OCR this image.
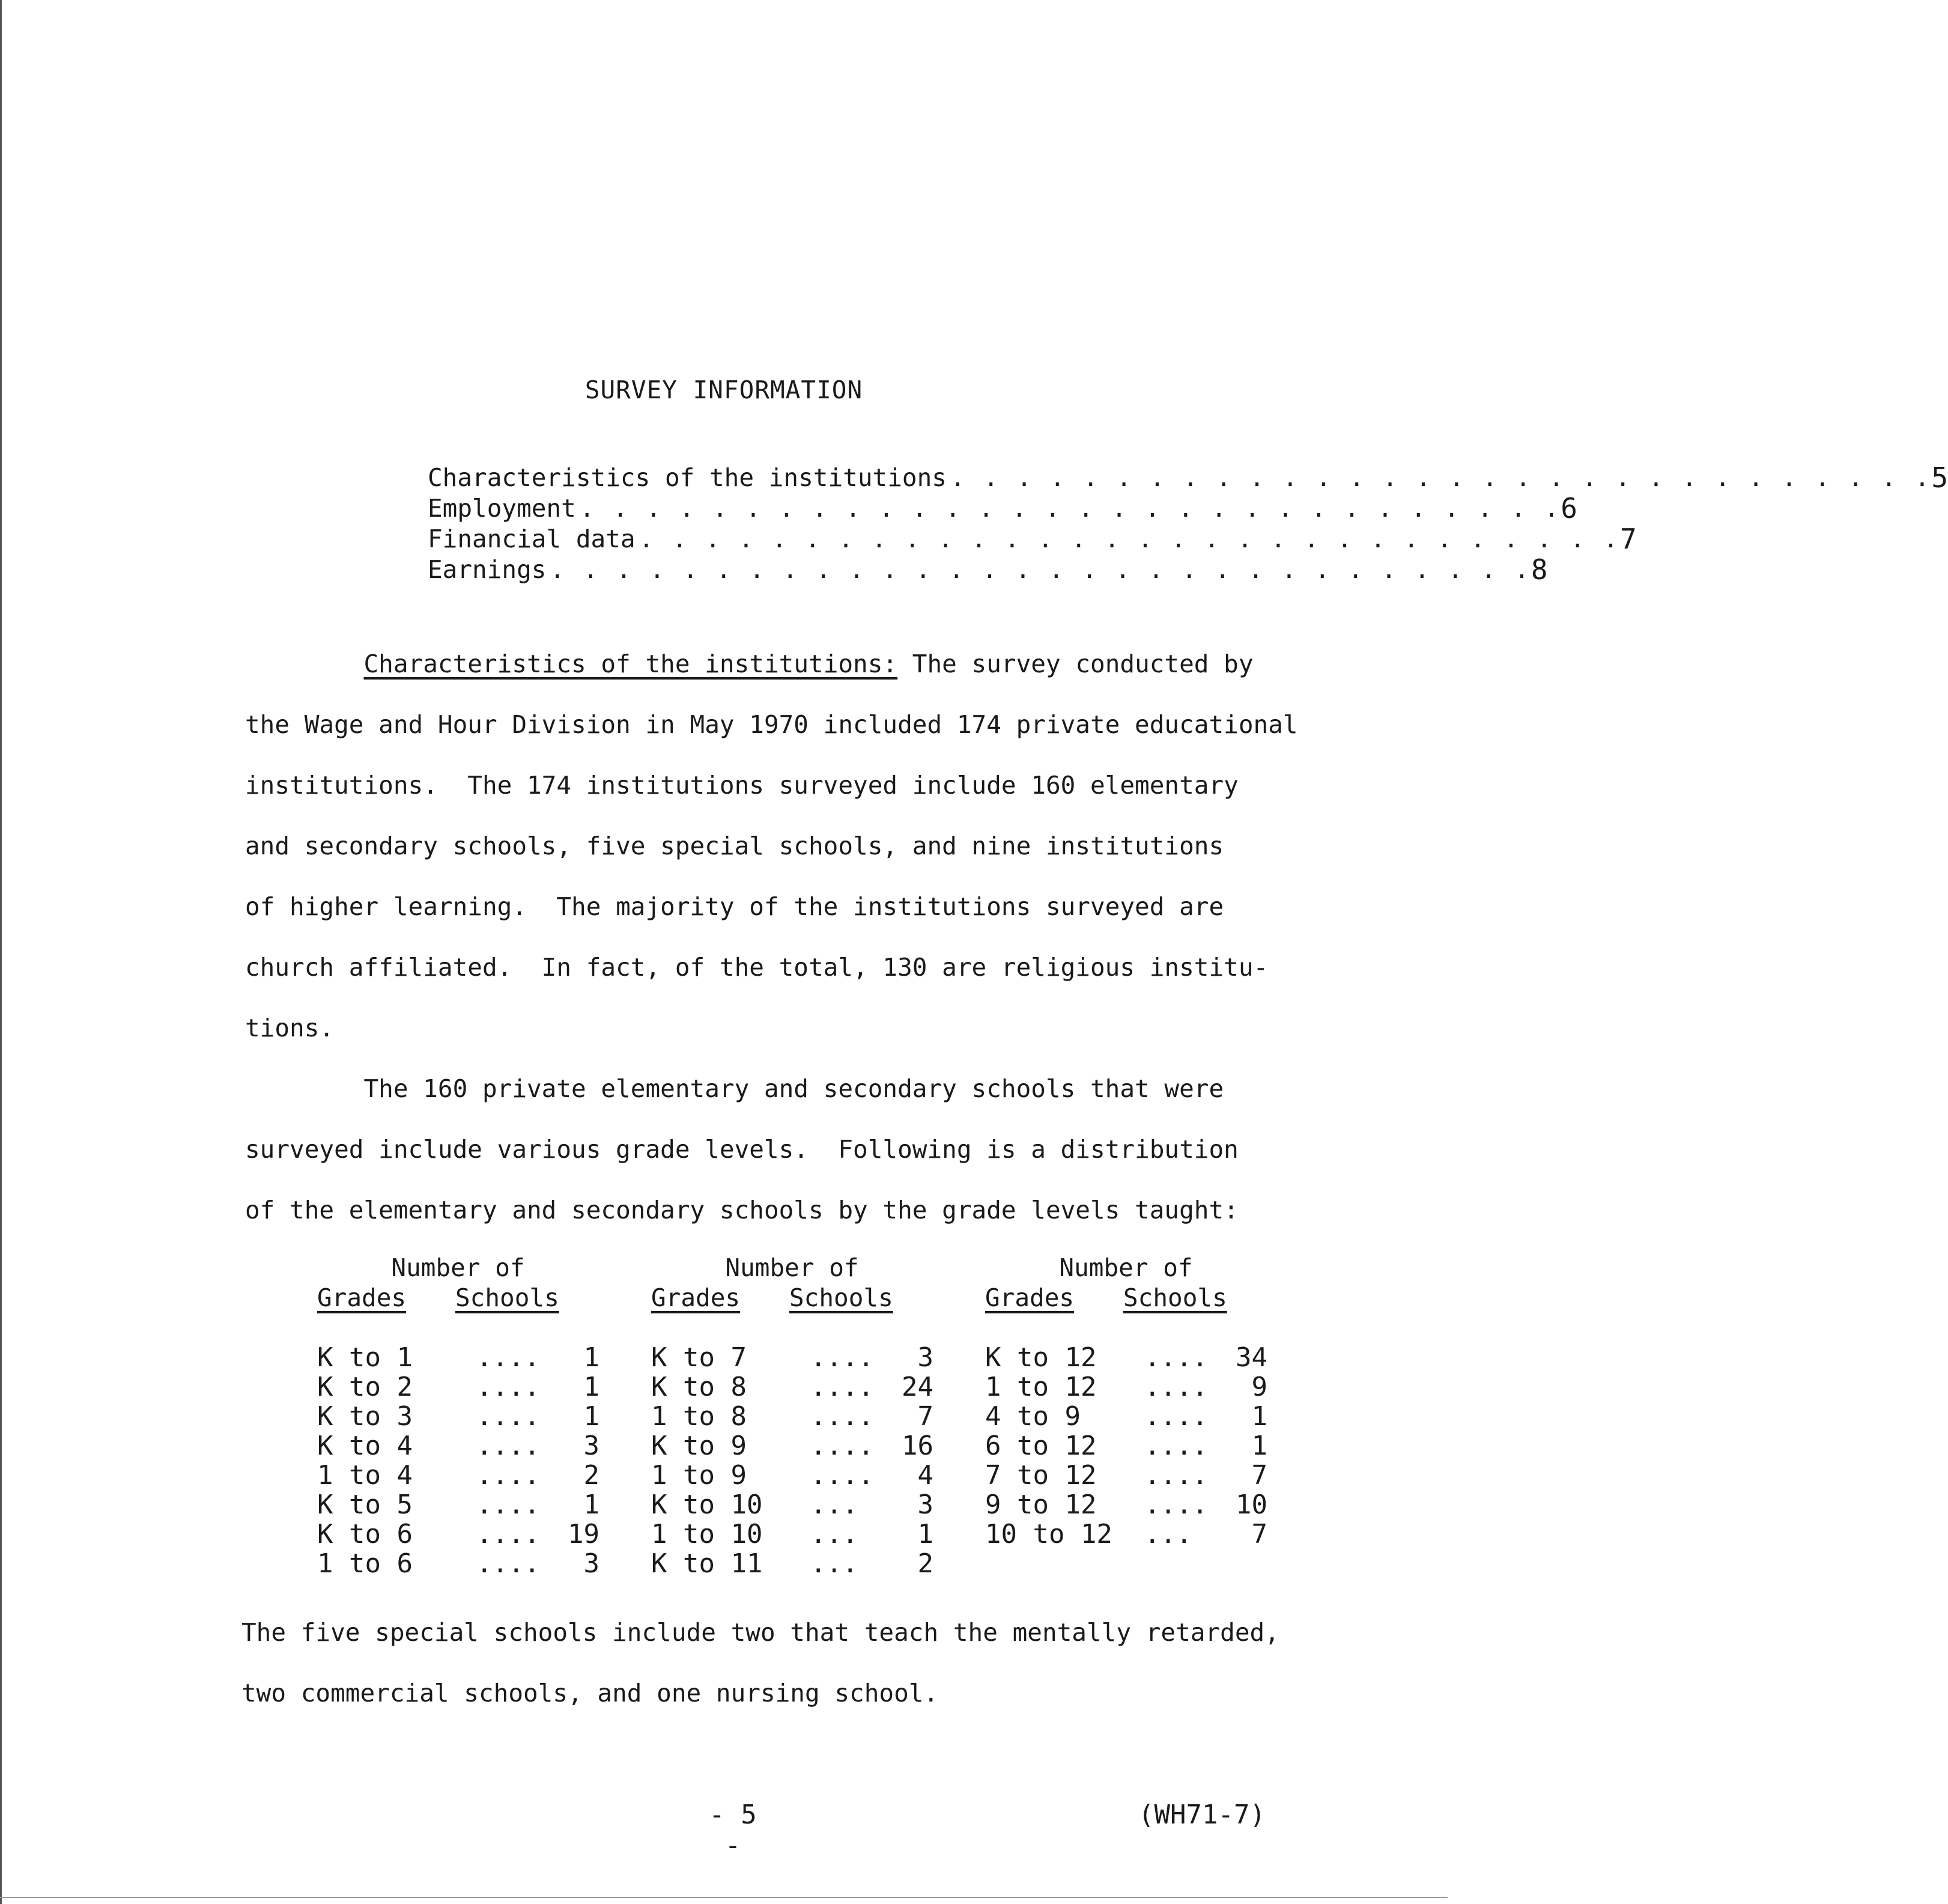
SURVEY INFORMATION
Characteristics of the institutions . . . . . . . . . . . . . . . . . . . . . . . . . . . . . . 5
Employment . . . . . . . . . . . . . . . . . . . . . . . . . . . . . . 6
Financial data . . . . . . . . . . . . . . . . . . . . . . . . . . . . . . 7
Earnings . . . . . . . . . . . . . . . . . . . . . . . . . . . . . . 8
Characteristics of the institutions: The survey conducted by
the Wage and Hour Division in May 1970 included 174 private educational
institutions.  The 174 institutions surveyed include 160 elementary
and secondary schools, five special schools, and nine institutions
of higher learning.  The majority of the institutions surveyed are
church affiliated.  In fact, of the total, 130 are religious institu-
tions.
The 160 private elementary and secondary schools that were
surveyed include various grade levels.  Following is a distribution
of the elementary and secondary schools by the grade levels taught:
Number of
Grades	Schools
K to 1	....	1
K to 2	....	1
K to 3	....	1
K to 4	....	3
1 to 4	....	2
K to 5	....	1
K to 6	....	19
1 to 6	....	3
Number of
Grades	Schools
K to 7	....	3
K to 8	....	24
1 to 8	....	7
K to 9	....	16
1 to 9	....	4
K to 10	...	3
1 to 10	...	1
K to 11	...	2
Number of
Grades	Schools
K to 12	....	34
1 to 12	....	9
4 to 9	....	1
6 to 12	....	1
7 to 12	....	7
9 to 12	....	10
10 to 12	...	7
The five special schools include two that teach the mentally retarded,
two commercial schools, and one nursing school.
- 5 -
(WH71-7)
